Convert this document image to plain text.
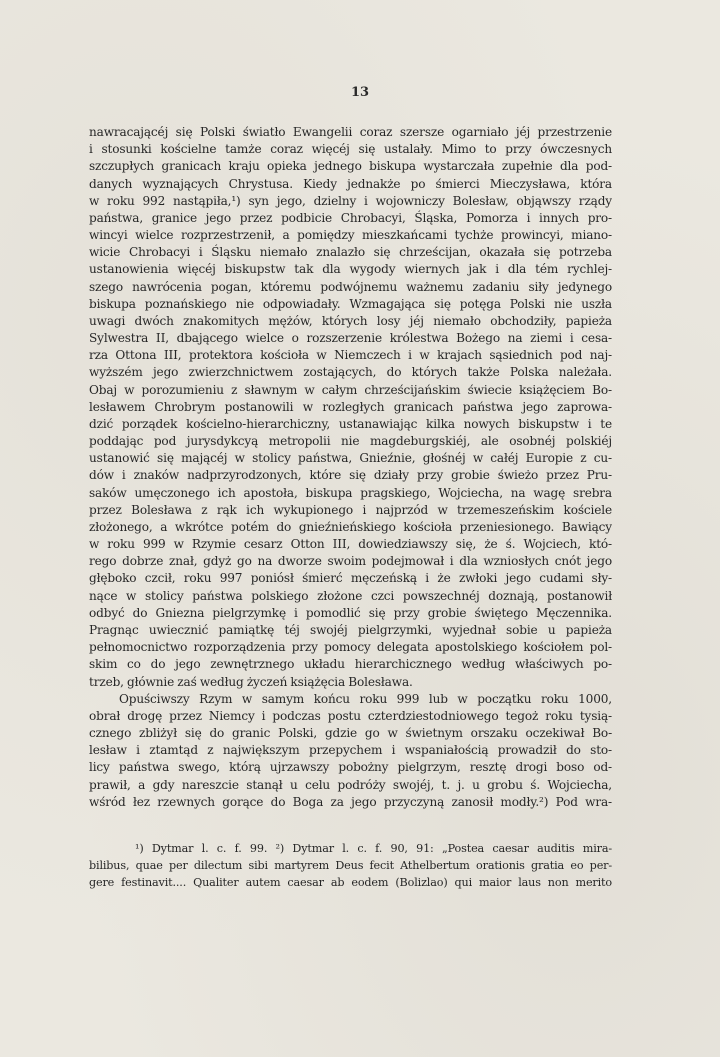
13
nawracającéj się Polski światło Ewangelii coraz szersze ogarniało jéj przestrzenie
i stosunki kościelne tamże coraz więcéj się ustalały. Mimo to przy ówczesnych
szczupłych granicach kraju opieka jednego biskupa wystarczała zupełnie dla pod-
danych wyznających Chrystusa. Kiedy jednakże po śmierci Mieczysława, która
w roku 992 nastąpiła,¹) syn jego, dzielny i wojowniczy Bolesław, objąwszy rządy
państwa, granice jego przez podbicie Chrobacyi, Śląska, Pomorza i innych pro-
wincyi wielce rozprzestrzenił, a pomiędzy mieszkańcami tychże prowincyi, miano-
wicie Chrobacyi i Śląsku niemało znalazło się chrześcijan, okazała się potrzeba
ustanowienia więcéj biskupstw tak dla wygody wiernych jak i dla tém rychlej-
szego nawrócenia pogan, któremu podwójnemu ważnemu zadaniu siły jedynego
biskupa poznańskiego nie odpowiadały. Wzmagająca się potęga Polski nie uszła
uwagi dwóch znakomitych mężów, których losy jéj niemało obchodziły, papieża
Sylwestra II, dbającego wielce o rozszerzenie królestwa Bożego na ziemi i cesa-
rza Ottona III, protektora kościoła w Niemczech i w krajach sąsiednich pod naj-
wyższém jego zwierzchnictwem zostających, do których także Polska należała.
Obaj w porozumieniu z sławnym w całym chrześcijańskim świecie książęciem Bo-
lesławem Chrobrym postanowili w rozległych granicach państwa jego zaprowa-
dzić porządek kościelno-hierarchiczny, ustanawiając kilka nowych biskupstw i te
poddając pod jurysdykcyą metropolii nie magdeburgskiéj, ale osobnéj polskiéj
ustanowić się mającéj w stolicy państwa, Gnieźnie, głośnéj w całéj Europie z cu-
dów i znaków nadprzyrodzonych, które się działy przy grobie świeżo przez Pru-
saków umęczonego ich apostoła, biskupa pragskiego, Wojciecha, na wagę srebra
przez Bolesława z rąk ich wykupionego i najprzód w trzemeszeńskim kościele
złożonego, a wkrótce potém do gnieźnieńskiego kościoła przeniesionego. Bawiący
w roku 999 w Rzymie cesarz Otton III, dowiedziawszy się, że ś. Wojciech, któ-
rego dobrze znał, gdyż go na dworze swoim podejmował i dla wzniosłych cnót jego
głęboko czcił, roku 997 poniósł śmierć męczeńską i że zwłoki jego cudami sły-
nące w stolicy państwa polskiego złożone czci powszechnéj doznają, postanowił
odbyć do Gniezna pielgrzymkę i pomodlić się przy grobie świętego Męczennika.
Pragnąc uwiecznić pamiątkę téj swojéj pielgrzymki, wyjednał sobie u papieża
pełnomocnictwo rozporządzenia przy pomocy delegata apostolskiego kościołem pol-
skim co do jego zewnętrznego układu hierarchicznego według właściwych po-
trzeb, głównie zaś według życzeń książęcia Bolesława.
Opuściwszy Rzym w samym końcu roku 999 lub w początku roku 1000,
obrał drogę przez Niemcy i podczas postu czterdziestodniowego tegoż roku tysią-
cznego zbliżył się do granic Polski, gdzie go w świetnym orszaku oczekiwał Bo-
lesław i ztamtąd z największym przepychem i wspaniałością prowadził do sto-
licy państwa swego, którą ujrzawszy pobożny pielgrzym, resztę drogi boso od-
prawił, a gdy nareszcie stanął u celu podróży swojéj, t. j. u grobu ś. Wojciecha,
wśród łez rzewnych gorące do Boga za jego przyczyną zanosił modły.²) Pod wra-
¹) Dytmar l. c. f. 99. ²) Dytmar l. c. f. 90, 91: „Postea caesar auditis mira-
bilibus, quae per dilectum sibi martyrem Deus fecit Athelbertum orationis gratia eo per-
gere festinavit.... Qualiter autem caesar ab eodem (Bolizlao) qui maior laus non merito
